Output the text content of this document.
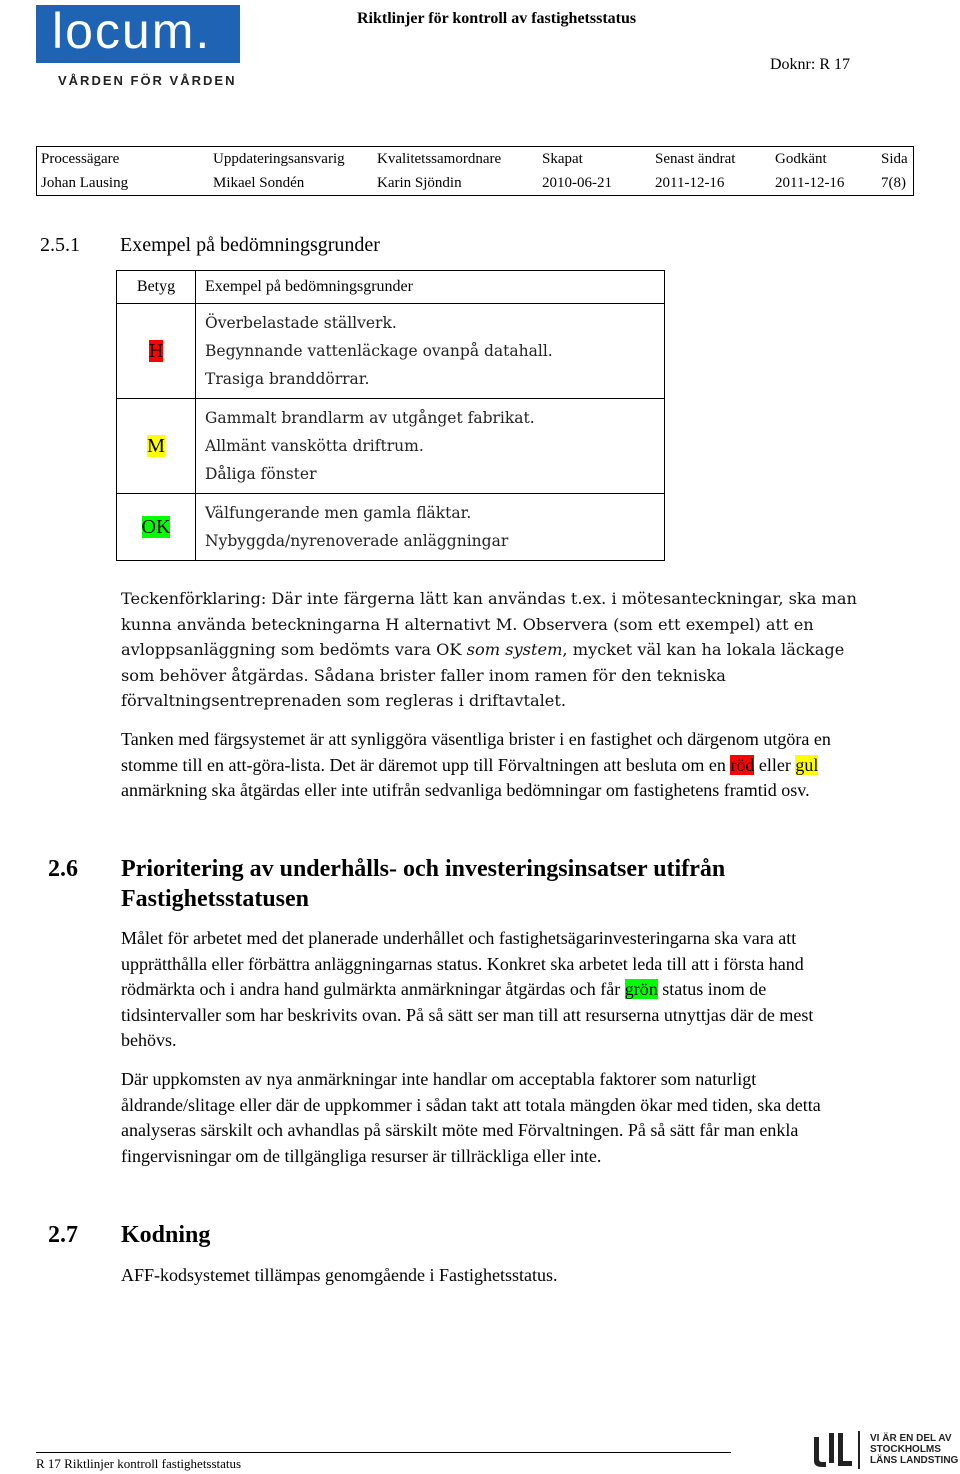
locum.
VÅRDEN FÖR VÅRDEN
Riktlinjer för kontroll av fastighetsstatus
Doknr: R 17
Processägare	Uppdateringsansvarig	Kvalitetssamordnare	Skapat	Senast ändrat	Godkänt	Sida
Johan Lausing	Mikael Sondén	Karin Sjöndin	2010-06-21	2011-12-16	2011-12-16	7(8)
2.5.1 Exempel på bedömningsgrunder
Betyg	Exempel på bedömningsgrunder
H	Överbelastade ställverk.
Begynnande vattenläckage ovanpå datahall.
Trasiga branddörrar.

M	Gammalt brandlarm av utgånget fabrikat.
Allmänt vanskötta driftrum.
Dåliga fönster

OK	Välfungerande men gamla fläktar.
Nybyggda/nyrenoverade anläggningar
Teckenförklaring: Där inte färgerna lätt kan användas t.ex. i mötesanteckningar, ska man kunna använda beteckningarna H alternativt M. Observera (som ett exempel) att en avloppsanläggning som bedömts vara OK som system, mycket väl kan ha lokala läckage som behöver åtgärdas. Sådana brister faller inom ramen för den tekniska förvaltningsentreprenaden som regleras i driftavtalet.
Tanken med färgsystemet är att synliggöra väsentliga brister i en fastighet och därgenom utgöra en stomme till en att-göra-lista. Det är däremot upp till Förvaltningen att besluta om en röd eller gul anmärkning ska åtgärdas eller inte utifrån sedvanliga bedömningar om fastighetens framtid osv.
2.6 Prioritering av underhålls- och investeringsinsatser utifrån Fastighetsstatusen
Målet för arbetet med det planerade underhållet och fastighetsägarinvesteringarna ska vara att upprätthålla eller förbättra anläggningarnas status. Konkret ska arbetet leda till att i första hand rödmärkta och i andra hand gulmärkta anmärkningar åtgärdas och får grön status inom de tidsintervaller som har beskrivits ovan. På så sätt ser man till att resurserna utnyttjas där de mest behövs.
Där uppkomsten av nya anmärkningar inte handlar om acceptabla faktorer som naturligt åldrande/slitage eller där de uppkommer i sådan takt att totala mängden ökar med tiden, ska detta analyseras särskilt och avhandlas på särskilt möte med Förvaltningen. På så sätt får man enkla fingervisningar om de tillgängliga resurser är tillräckliga eller inte.
2.7 Kodning
AFF-kodsystemet tillämpas genomgående i Fastighetsstatus.
R 17 Riktlinjer kontroll fastighetsstatus
VI ÄR EN DEL AV
STOCKHOLMS
LÄNS LANDSTING
